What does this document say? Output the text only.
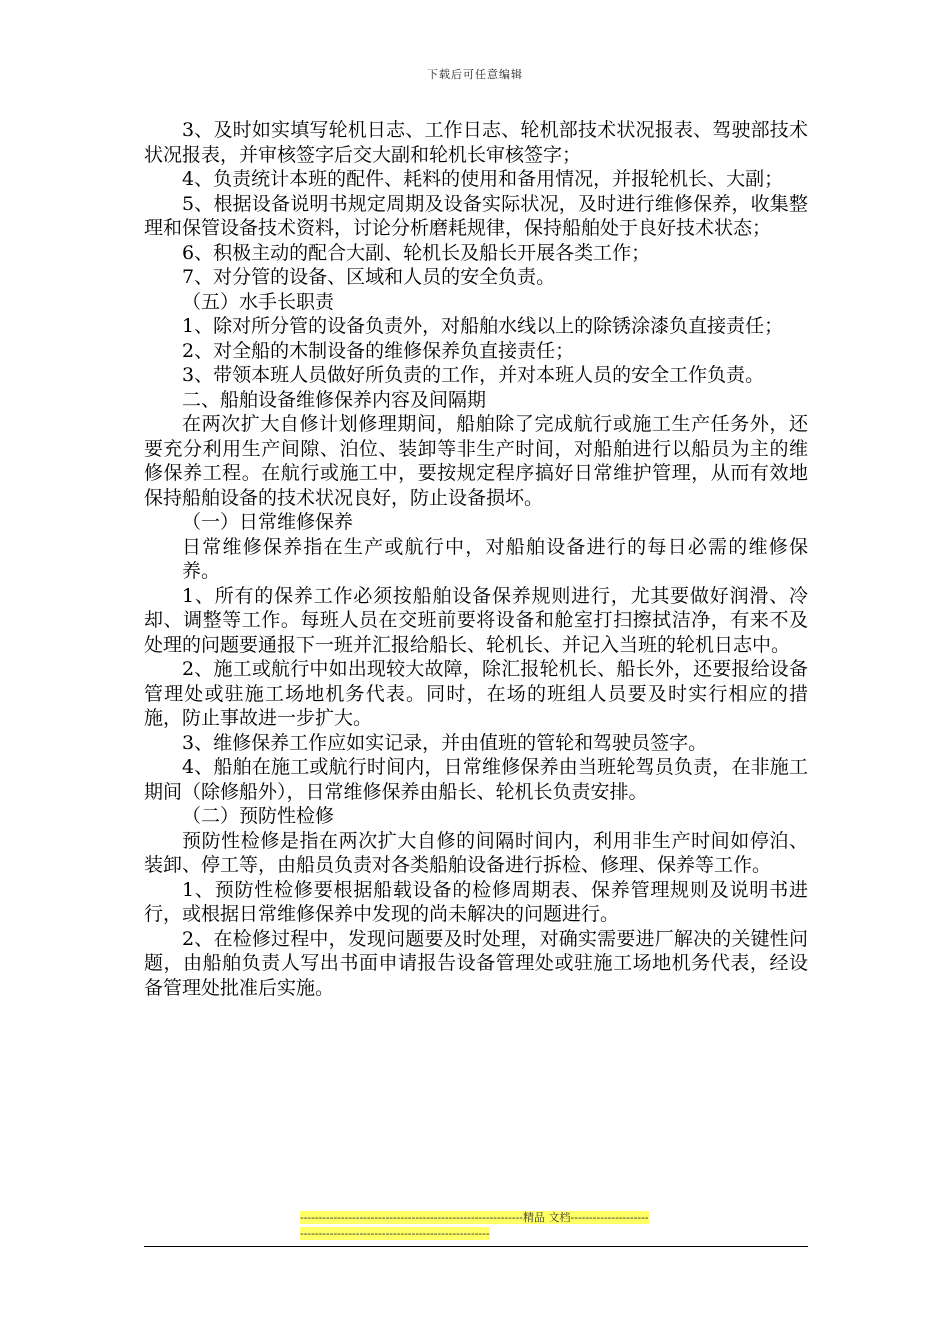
下载后可任意编辑

3、及时如实填写轮机日志、工作日志、轮机部技术状况报表、驾驶部技术状况报表，并审核签字后交大副和轮机长审核签字；

4、负责统计本班的配件、耗料的使用和备用情况，并报轮机长、大副；

5、根据设备说明书规定周期及设备实际状况，及时进行维修保养，收集整理和保管设备技术资料，讨论分析磨耗规律，保持船舶处于良好技术状态；

6、积极主动的配合大副、轮机长及船长开展各类工作；

7、对分管的设备、区域和人员的安全负责。

（五）水手长职责

1、除对所分管的设备负责外，对船舶水线以上的除锈涂漆负直接责任；

2、对全船的木制设备的维修保养负直接责任；

3、带领本班人员做好所负责的工作，并对本班人员的安全工作负责。

二、船舶设备维修保养内容及间隔期

在两次扩大自修计划修理期间，船舶除了完成航行或施工生产任务外，还要充分利用生产间隙、泊位、装卸等非生产时间，对船舶进行以船员为主的维修保养工程。在航行或施工中，要按规定程序搞好日常维护管理，从而有效地保持船舶设备的技术状况良好，防止设备损坏。

（一）日常维修保养

日常维修保养指在生产或航行中，对船舶设备进行的每日必需的维修保养。

1、所有的保养工作必须按船舶设备保养规则进行，尤其要做好润滑、冷却、调整等工作。每班人员在交班前要将设备和舱室打扫擦拭洁净，有来不及处理的问题要通报下一班并汇报给船长、轮机长、并记入当班的轮机日志中。

2、施工或航行中如出现较大故障，除汇报轮机长、船长外，还要报给设备管理处或驻施工场地机务代表。同时，在场的班组人员要及时实行相应的措施，防止事故进一步扩大。

3、维修保养工作应如实记录，并由值班的管轮和驾驶员签字。

4、船舶在施工或航行时间内，日常维修保养由当班轮驾员负责，在非施工期间（除修船外），日常维修保养由船长、轮机长负责安排。

（二）预防性检修

预防性检修是指在两次扩大自修的间隔时间内，利用非生产时间如停泊、装卸、停工等，由船员负责对各类船舶设备进行拆检、修理、保养等工作。

1、预防性检修要根据船载设备的检修周期表、保养管理规则及说明书进行，或根据日常维修保养中发现的尚未解决的问题进行。

2、在检修过程中，发现问题要及时处理，对确实需要进厂解决的关键性问题，由船舶负责人写出书面申请报告设备管理处或驻施工场地机务代表，经设备管理处批准后实施。

------------------------------------------------------------精品 文档------------------------------------------------------------------------
